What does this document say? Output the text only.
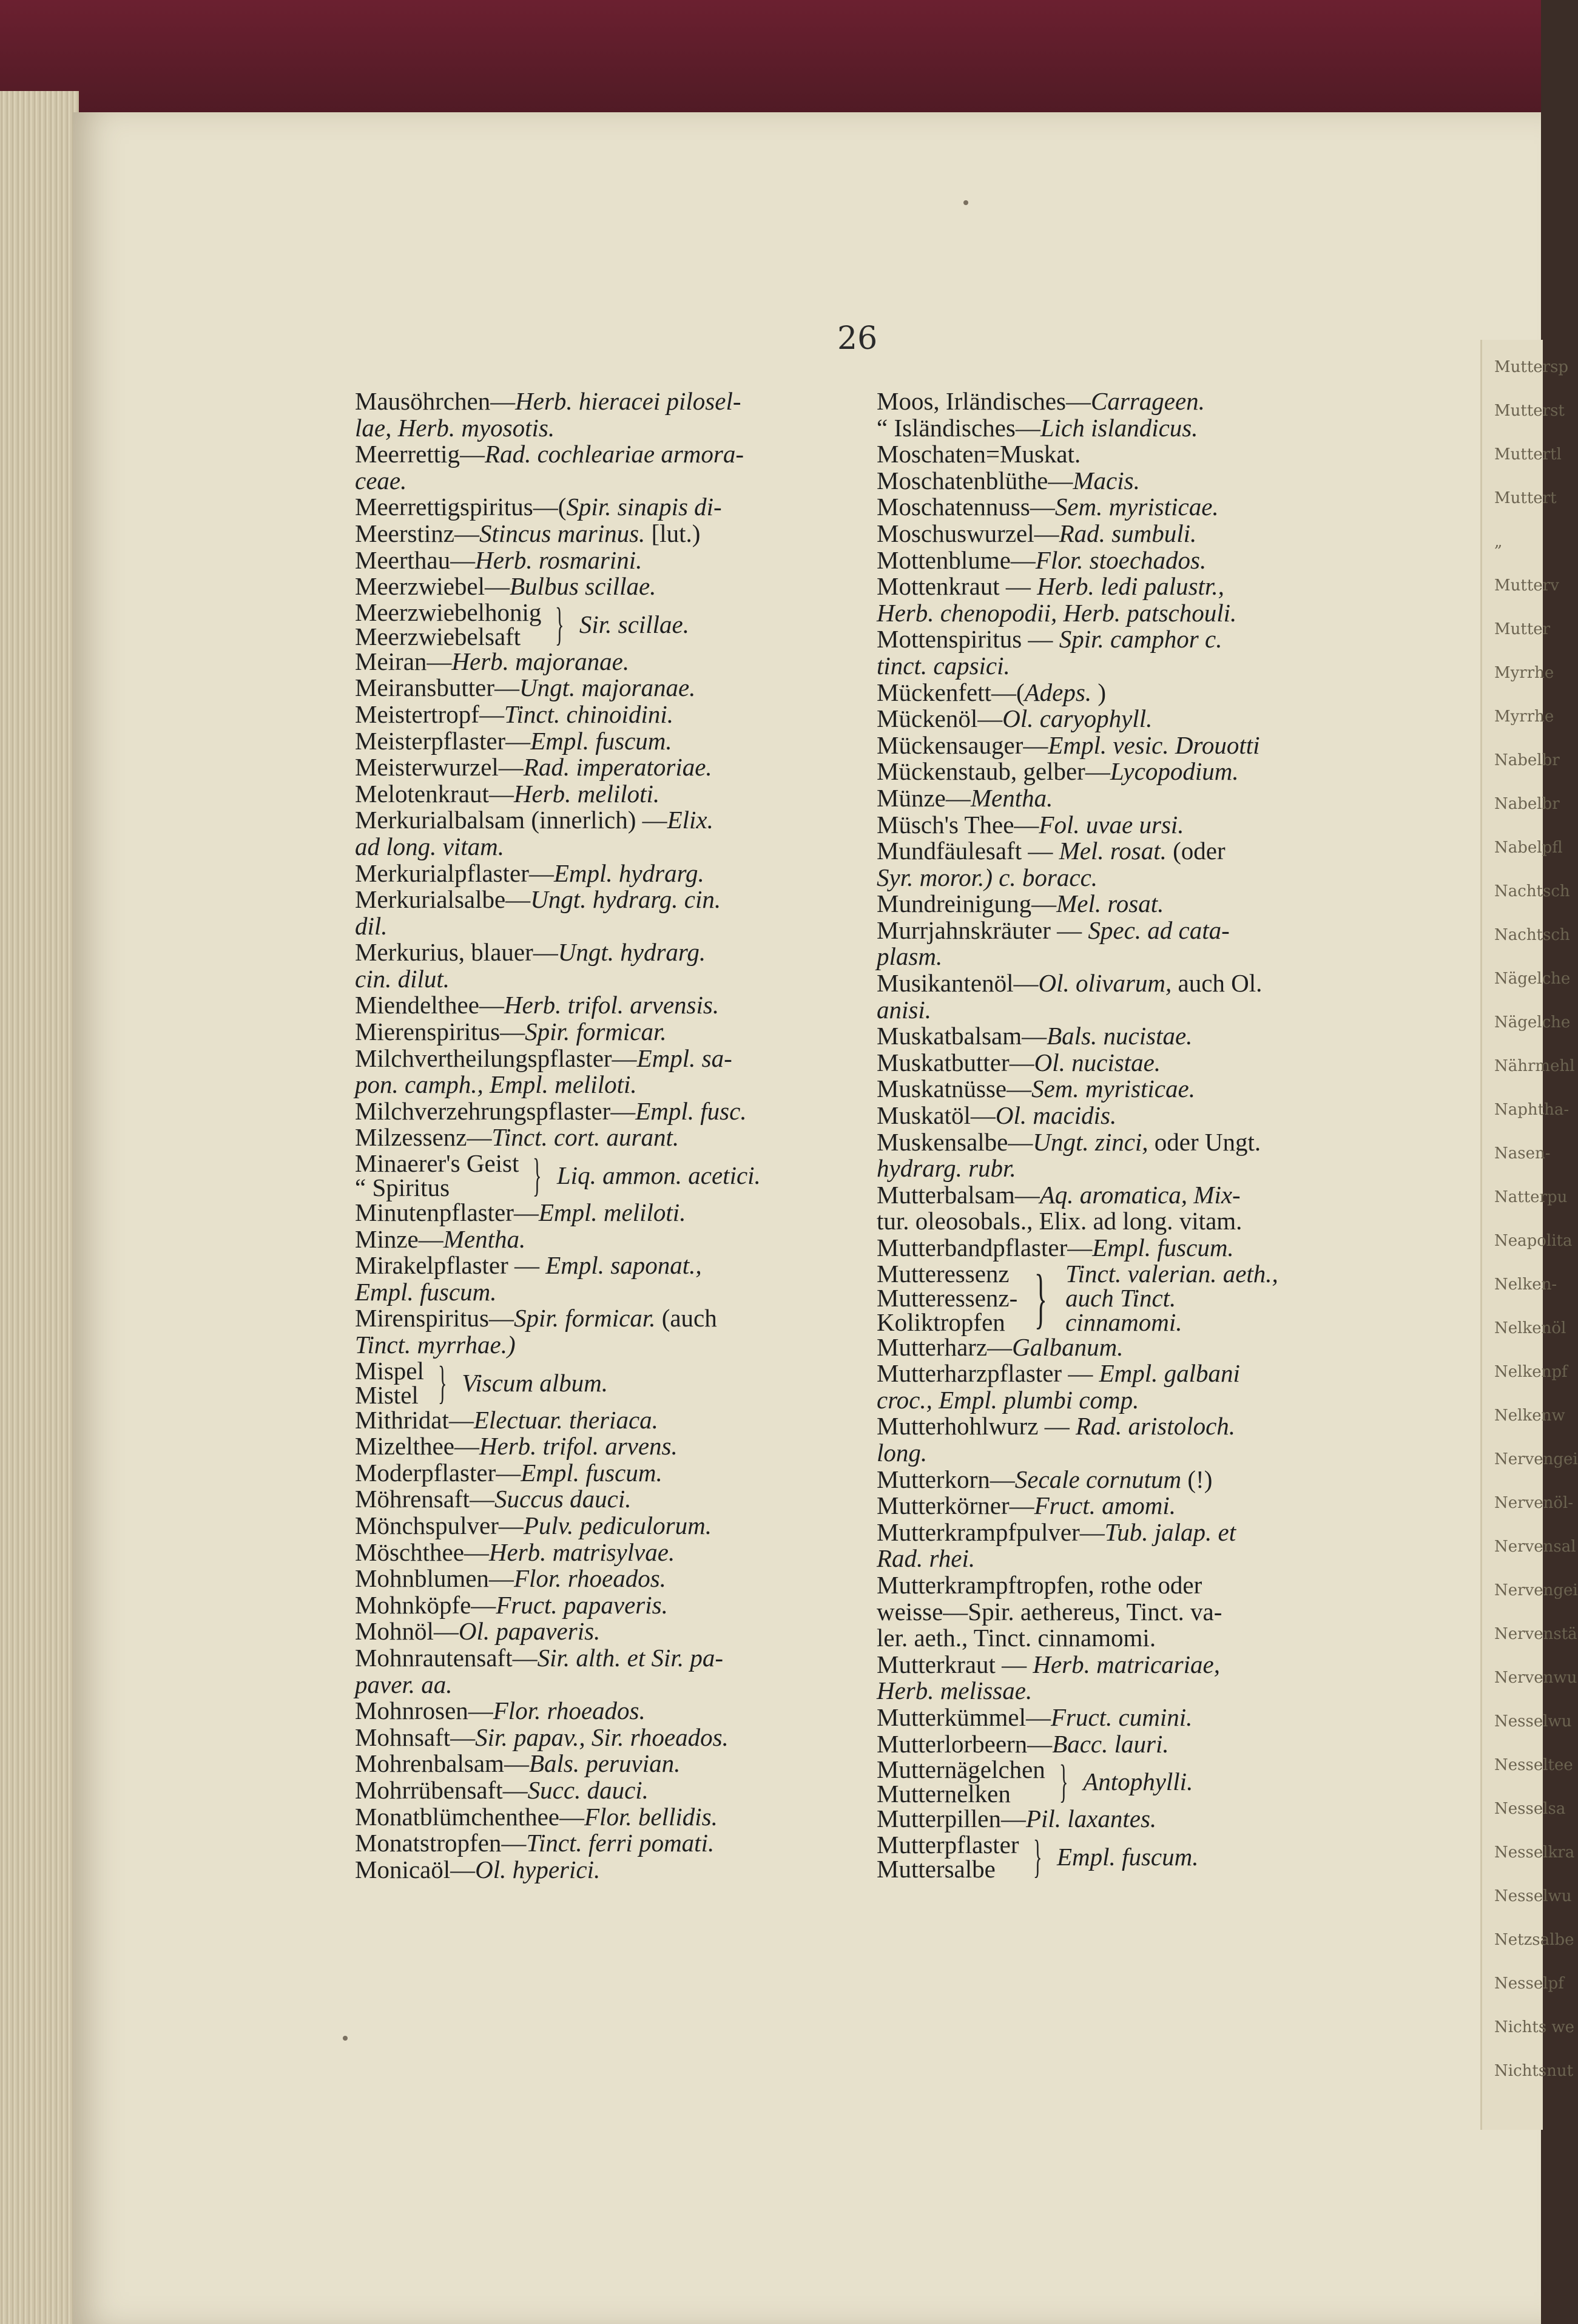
Muttersp
Mutterst
Muttertl
Muttert
„
Mutterv
Mutter
Myrrhe
Myrrhe
Nabelbr
Nabelbr
Nabelpfl
Nachtsch
Nachtsch
Nägelche
Nägelche
Nährmehl
Naphtha-
Nasen-
Natterpu
Neapolita
Nelken-
Nelkenöl
Nelkenpf
Nelkenw
Nervengei
Nervenöl-
Nervensal
Nervengei
Nervenstä
Nervenwu
Nesselwu
Nesseltee
Nesselsa
Nesselkra
Nesselwu
Netzsalbe
Nesselpf
Nichts we
Nichtsnut
26

Mausöhrchen—Herb. hieracei pilosel-
lae, Herb. myosotis.

Meerrettig—Rad. cochleariae armora-
ceae.

Meerrettigspiritus—(Spir. sinapis di-

Meerstinz—Stincus marinus. [lut.)

Meerthau—Herb. rosmarini.

Meerzwiebel—Bulbus scillae.

Meerzwiebelhonig
Meerzwiebelsaft } Sir. scillae.

Meiran—Herb. majoranae.

Meiransbutter—Ungt. majoranae.

Meistertropf—Tinct. chinoidini.

Meisterpflaster—Empl. fuscum.

Meisterwurzel—Rad. imperatoriae.

Melotenkraut—Herb. meliloti.

Merkurialbalsam (innerlich) —Elix.
ad long. vitam.

Merkurialpflaster—Empl. hydrarg.

Merkurialsalbe—Ungt. hydrarg. cin.
dil.

Merkurius, blauer—Ungt. hydrarg.
cin. dilut.

Miendelthee—Herb. trifol. arvensis.

Mierenspiritus—Spir. formicar.

Milchvertheilungspflaster—Empl. sa-
pon. camph., Empl. meliloti.

Milchverzehrungspflaster—Empl. fusc.

Milzessenz—Tinct. cort. aurant.

Minaerer's Geist
“ Spiritus	} Liq. ammon. acetici.

Minutenpflaster—Empl. meliloti.

Minze—Mentha.

Mirakelpflaster — Empl. saponat.,
Empl. fuscum.

Mirenspiritus—Spir. formicar. (auch
Tinct. myrrhae.)

Mispel
Mistel } Viscum album.

Mithridat—Electuar. theriaca.

Mizelthee—Herb. trifol. arvens.

Moderpflaster—Empl. fuscum.

Möhrensaft—Succus dauci.

Mönchspulver—Pulv. pediculorum.

Möschthee—Herb. matrisylvae.

Mohnblumen—Flor. rhoeados.

Mohnköpfe—Fruct. papaveris.

Mohnöl—Ol. papaveris.

Mohnrautensaft—Sir. alth. et Sir. pa-
paver. aa.

Mohnrosen—Flor. rhoeados.

Mohnsaft—Sir. papav., Sir. rhoeados.

Mohrenbalsam—Bals. peruvian.

Mohrrübensaft—Succ. dauci.

Monatblümchenthee—Flor. bellidis.

Monatstropfen—Tinct. ferri pomati.

Monicaöl—Ol. hyperici.

Moos, Irländisches—Carrageen.

“ Isländisches—Lich islandicus.

Moschaten=Muskat.

Moschatenblüthe—Macis.

Moschatennuss—Sem. myristicae.

Moschuswurzel—Rad. sumbuli.

Mottenblume—Flor. stoechados.

Mottenkraut — Herb. ledi palustr.,
Herb. chenopodii, Herb. patschouli.

Mottenspiritus — Spir. camphor c.
tinct. capsici.

Mückenfett—(Adeps. )

Mückenöl—Ol. caryophyll.

Mückensauger—Empl. vesic. Drouotti

Mückenstaub, gelber—Lycopodium.

Münze—Mentha.

Müsch's Thee—Fol. uvae ursi.

Mundfäulesaft — Mel. rosat. (oder
Syr. moror.) c. boracc.

Mundreinigung—Mel. rosat.

Murrjahnskräuter — Spec. ad cata-
plasm.

Musikantenöl—Ol. olivarum, auch Ol.
anisi.

Muskatbalsam—Bals. nucistae.

Muskatbutter—Ol. nucistae.

Muskatnüsse—Sem. myristicae.

Muskatöl—Ol. macidis.

Muskensalbe—Ungt. zinci, oder Ungt.
hydrarg. rubr.

Mutterbalsam—Aq. aromatica, Mix-
tur. oleosobals., Elix. ad long. vitam.

Mutterbandpflaster—Empl. fuscum.

Mutteressenz
Mutteressenz-
Koliktropfen } Tinct. valerian. aeth.,
auch Tinct.
cinnamomi.

Mutterharz—Galbanum.

Mutterharzpflaster — Empl. galbani
croc., Empl. plumbi comp.

Mutterhohlwurz — Rad. aristoloch.
long.

Mutterkorn—Secale cornutum (!)

Mutterkörner—Fruct. amomi.

Mutterkrampfpulver—Tub. jalap. et
Rad. rhei.

Mutterkrampftropfen, rothe oder
weisse—Spir. aethereus, Tinct. va-
ler. aeth., Tinct. cinnamomi.

Mutterkraut — Herb. matricariae,
Herb. melissae.

Mutterkümmel—Fruct. cumini.

Mutterlorbeern—Bacc. lauri.

Mutternägelchen
Mutternelken	} Antophylli.

Mutterpillen—Pil. laxantes.

Mutterpflaster
Muttersalbe } Empl. fuscum.
